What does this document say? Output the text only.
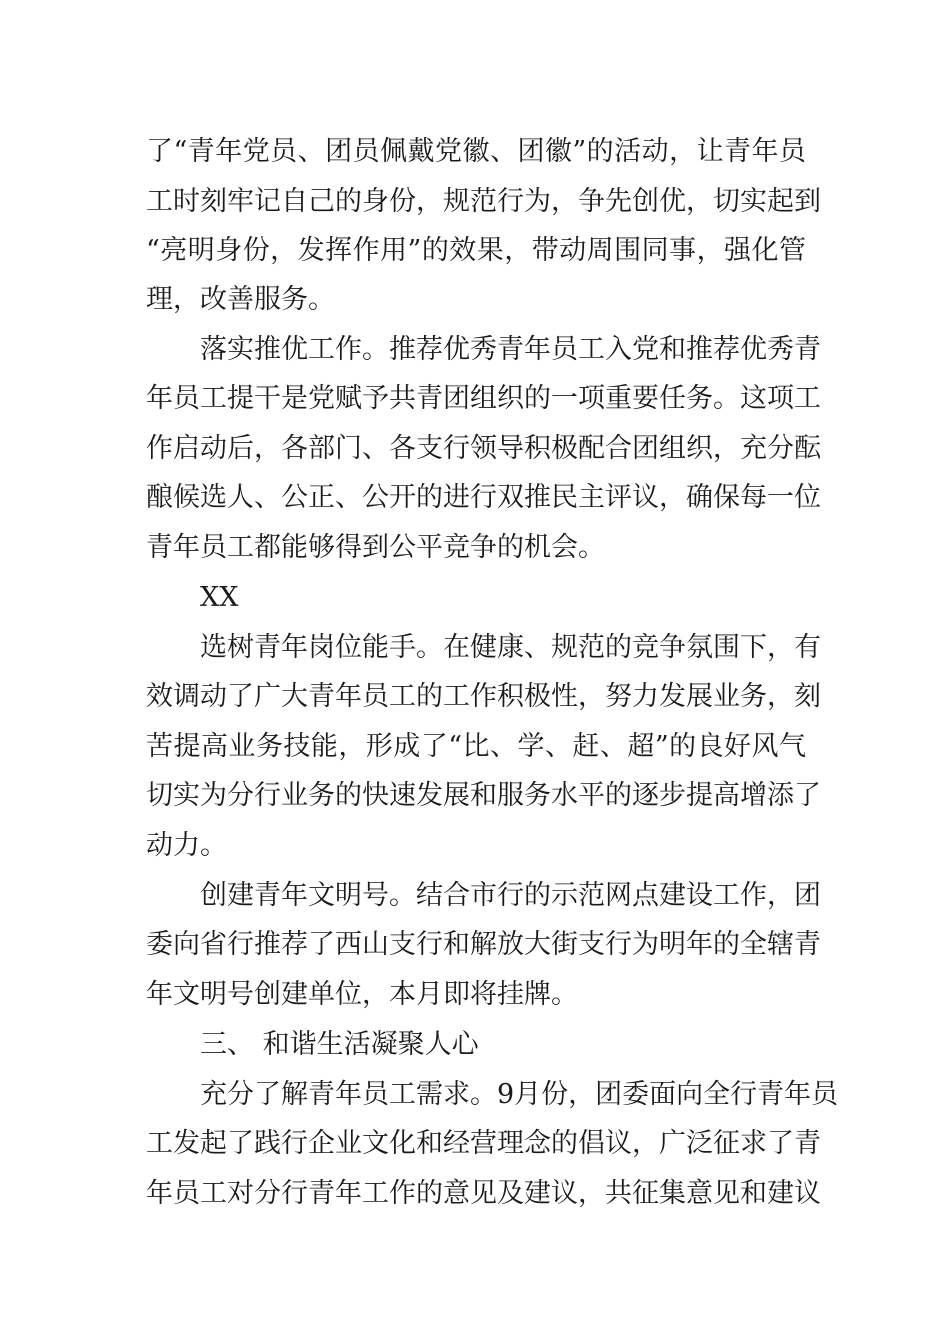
了“青年党员、团员佩戴党徽、团徽”的活动，让青年员
工时刻牢记自己的身份，规范行为，争先创优，切实起到
“亮明身份，发挥作用”的效果，带动周围同事，强化管
理，改善服务。
落实推优工作。推荐优秀青年员工入党和推荐优秀青
年员工提干是党赋予共青团组织的一项重要任务。这项工
作启动后，各部门、各支行领导积极配合团组织，充分酝
酿候选人、公正、公开的进行双推民主评议，确保每一位
青年员工都能够得到公平竞争的机会。
XX
选树青年岗位能手。在健康、规范的竞争氛围下，有
效调动了广大青年员工的工作积极性，努力发展业务，刻
苦提高业务技能，形成了“比、学、赶、超”的良好风气
切实为分行业务的快速发展和服务水平的逐步提高增添了
动力。
创建青年文明号。结合市行的示范网点建设工作，团
委向省行推荐了西山支行和解放大街支行为明年的全辖青
年文明号创建单位，本月即将挂牌。
三、 和谐生活凝聚人心
充分了解青年员工需求。9月份，团委面向全行青年员
工发起了践行企业文化和经营理念的倡议，广泛征求了青
年员工对分行青年工作的意见及建议，共征集意见和建议
